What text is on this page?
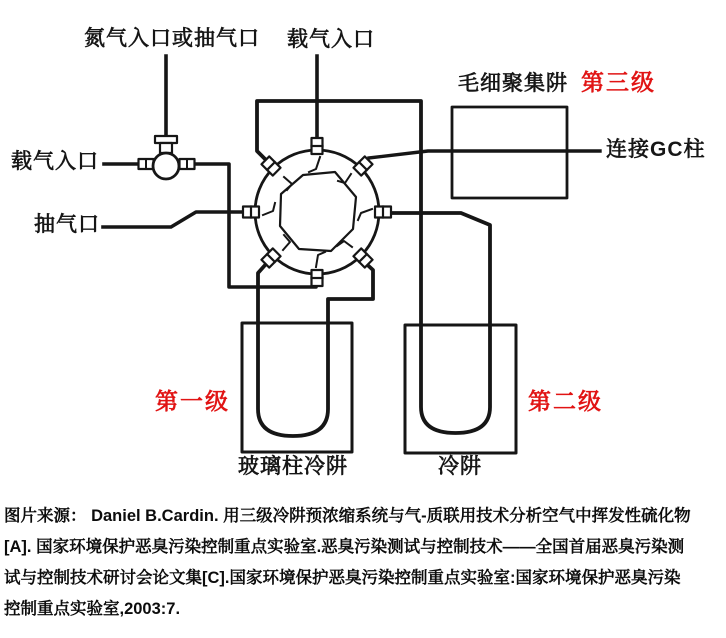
氮气入口或抽气口 载气入口
载气入口
抽气口
毛细聚集阱 第三级
连接GC柱
第一级	第二级
玻璃柱冷阱	冷阱
图片来源： Daniel B.Cardin. 用三级冷阱预浓缩系统与气-质联用技术分析空气中挥发性硫化物
[A]. 国家环境保护恶臭污染控制重点实验室.恶臭污染测试与控制技术——全国首届恶臭污染测
试与控制技术研讨会论文集[C].国家环境保护恶臭污染控制重点实验室:国家环境保护恶臭污染
控制重点实验室,2003:7.
